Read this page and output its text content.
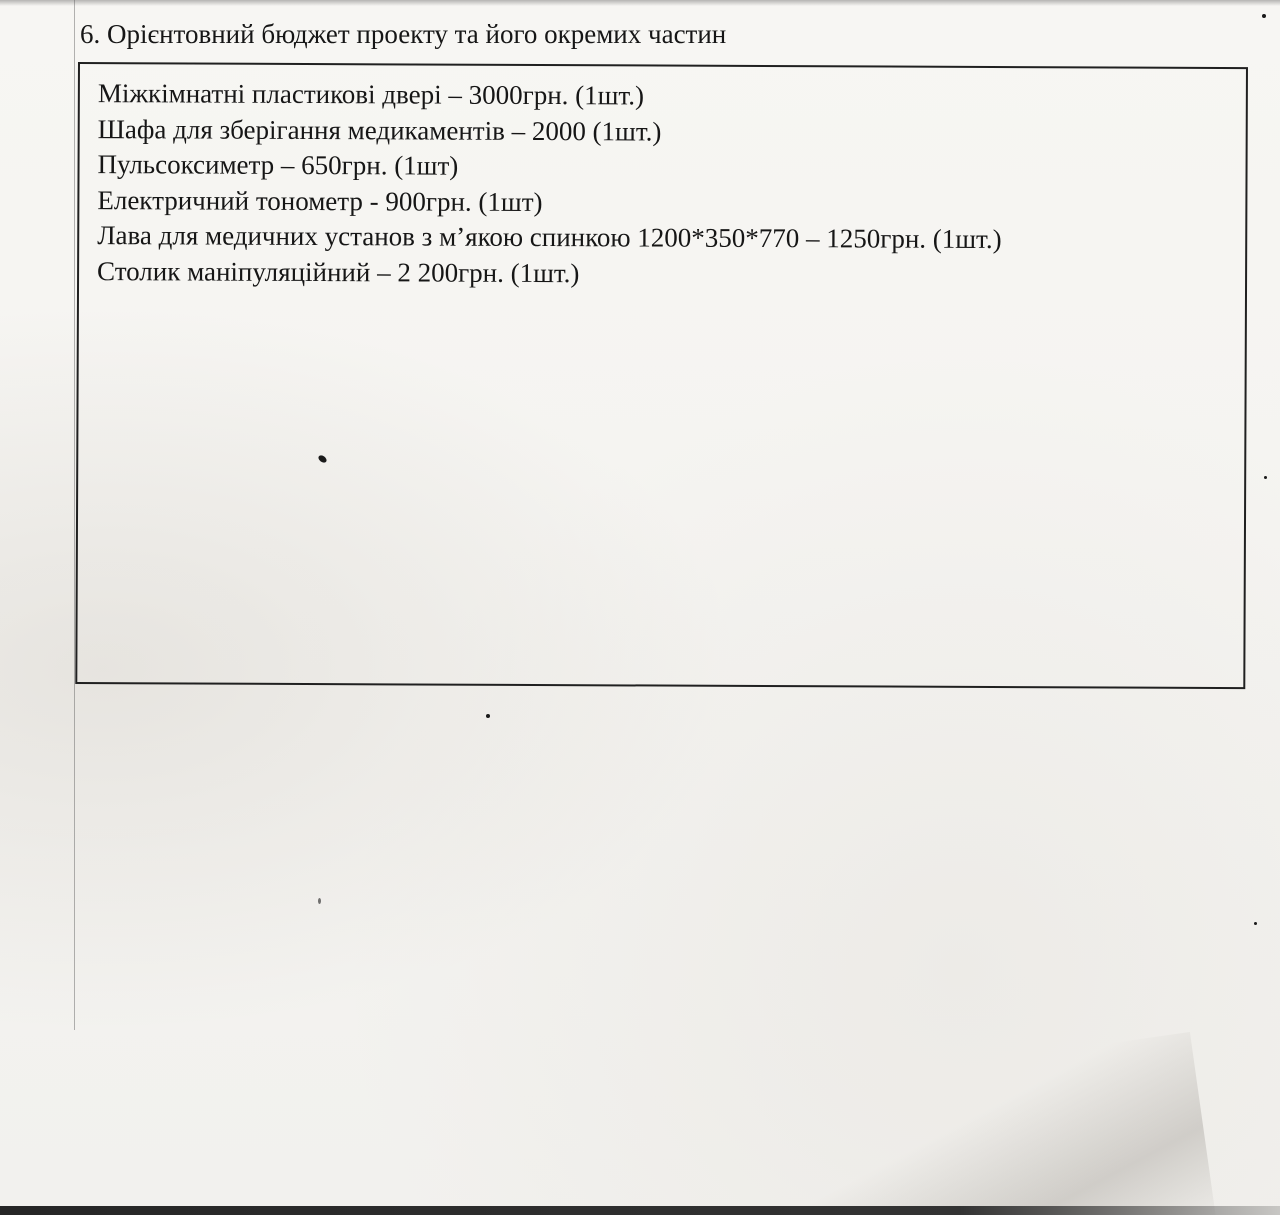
6. Орієнтовний бюджет проекту та його окремих частин
Міжкімнатні пластикові двері – 3000грн. (1шт.)
Шафа для зберігання медикаментів – 2000 (1шт.)
Пульсоксиметр – 650грн. (1шт)
Електричний тонометр - 900грн. (1шт)
Лава для медичних установ з м’якою спинкою 1200*350*770 – 1250грн. (1шт.)
Столик маніпуляційний – 2 200грн. (1шт.)
